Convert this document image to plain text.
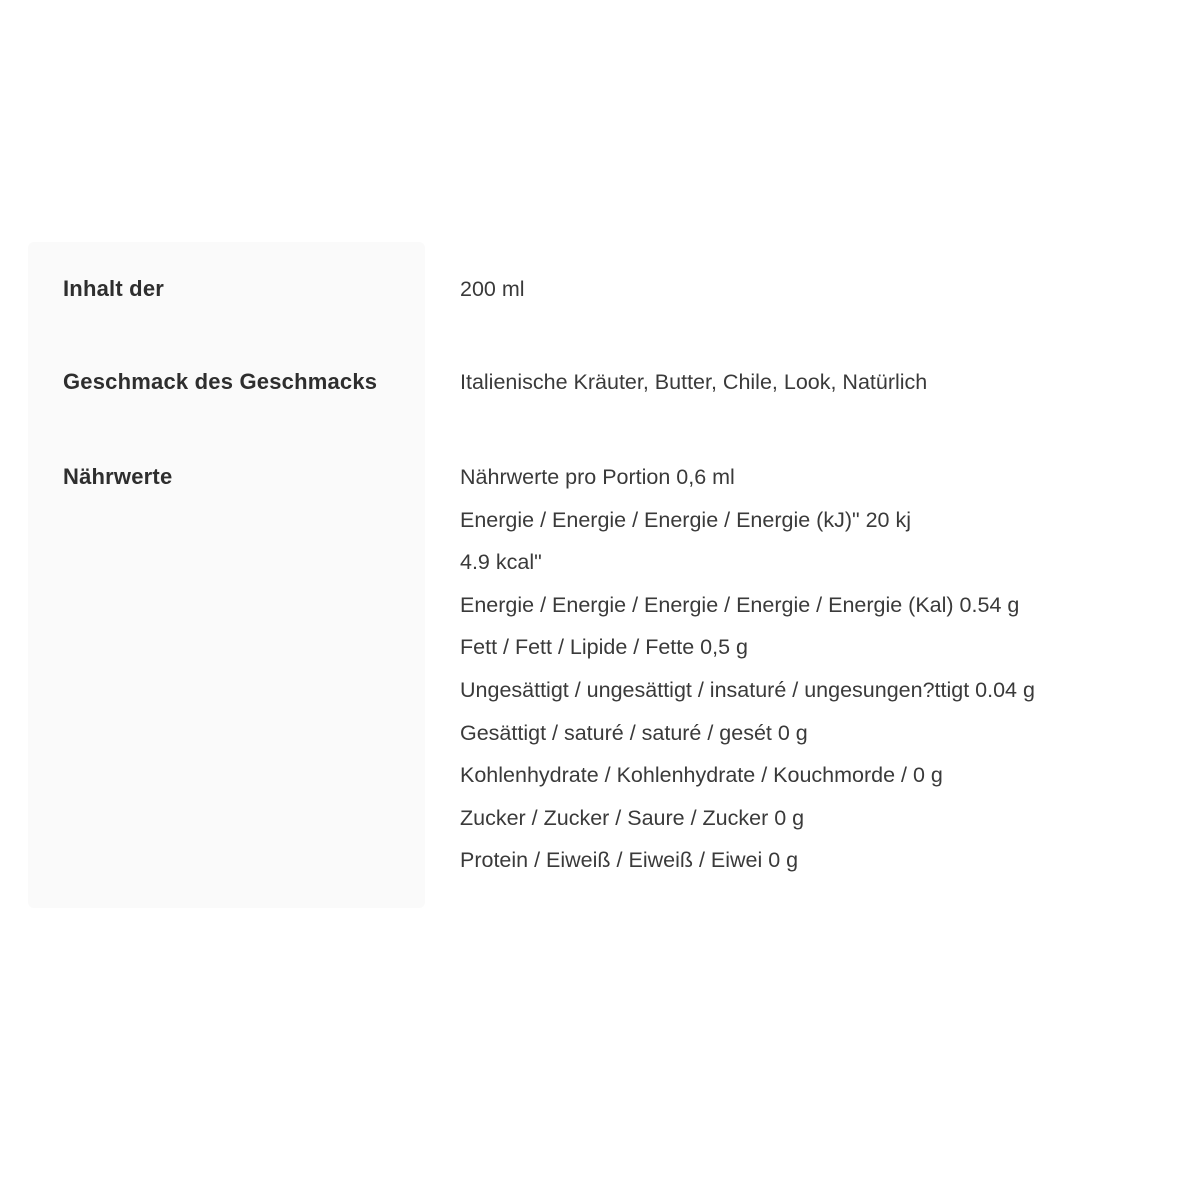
Inhalt der	200 ml
Geschmack des Geschmacks	Italienische Kräuter, Butter, Chile, Look, Natürlich
Nährwerte	Nährwerte pro Portion 0,6 ml
Energie / Energie / Energie / Energie (kJ)" 20 kj
4.9 kcal"
Energie / Energie / Energie / Energie / Energie (Kal) 0.54 g
Fett / Fett / Lipide / Fette 0,5 g
Ungesättigt / ungesättigt / insaturé / ungesungen?ttigt 0.04 g
Gesättigt / saturé / saturé / gesét 0 g
Kohlenhydrate / Kohlenhydrate / Kouchmorde / 0 g
Zucker / Zucker / Saure / Zucker 0 g
Protein / Eiweiß / Eiweiß / Eiwei 0 g
